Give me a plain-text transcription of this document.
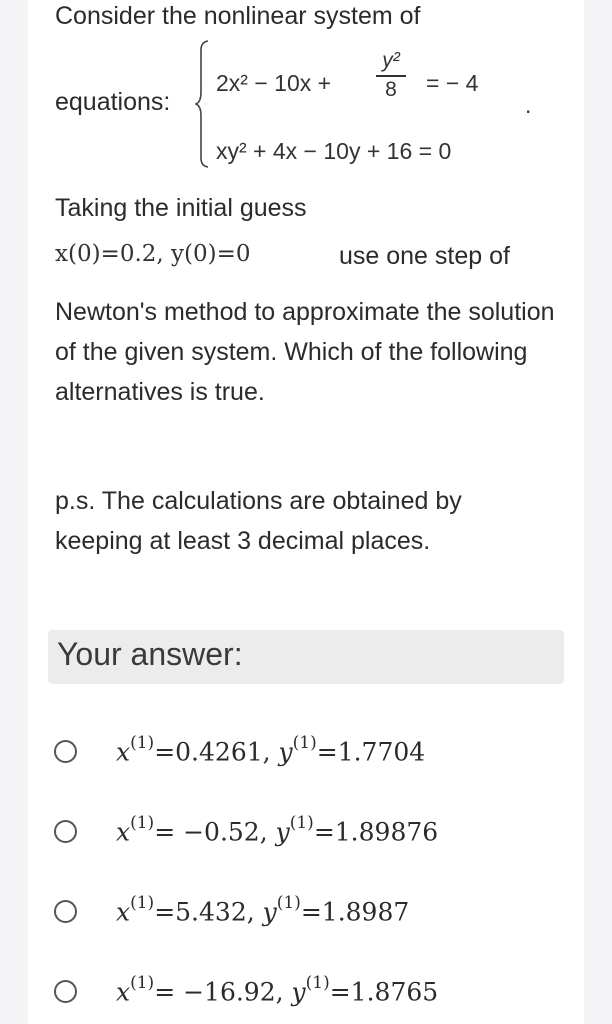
Consider the nonlinear system of
equations:
2x² − 10x +
y²
8	= − 4
xy² + 4x − 10y + 16 = 0
.
Taking the initial guess
x(0)=0.2, y(0)=0	use one step of
Newton's method to approximate the solution of the given system. Which of the following alternatives is true.
p.s. The calculations are obtained by keeping at least 3 decimal places.
Your answer:
$x^{(1)}=0.4261$, $y^{(1)}=1.7704$
$x^{(1)}= -0.52$, $y^{(1)}=1.89876$
$x^{(1)}=5.432$, $y^{(1)}=1.8987$
$x^{(1)}= -16.92$, $y^{(1)}=1.8765$
